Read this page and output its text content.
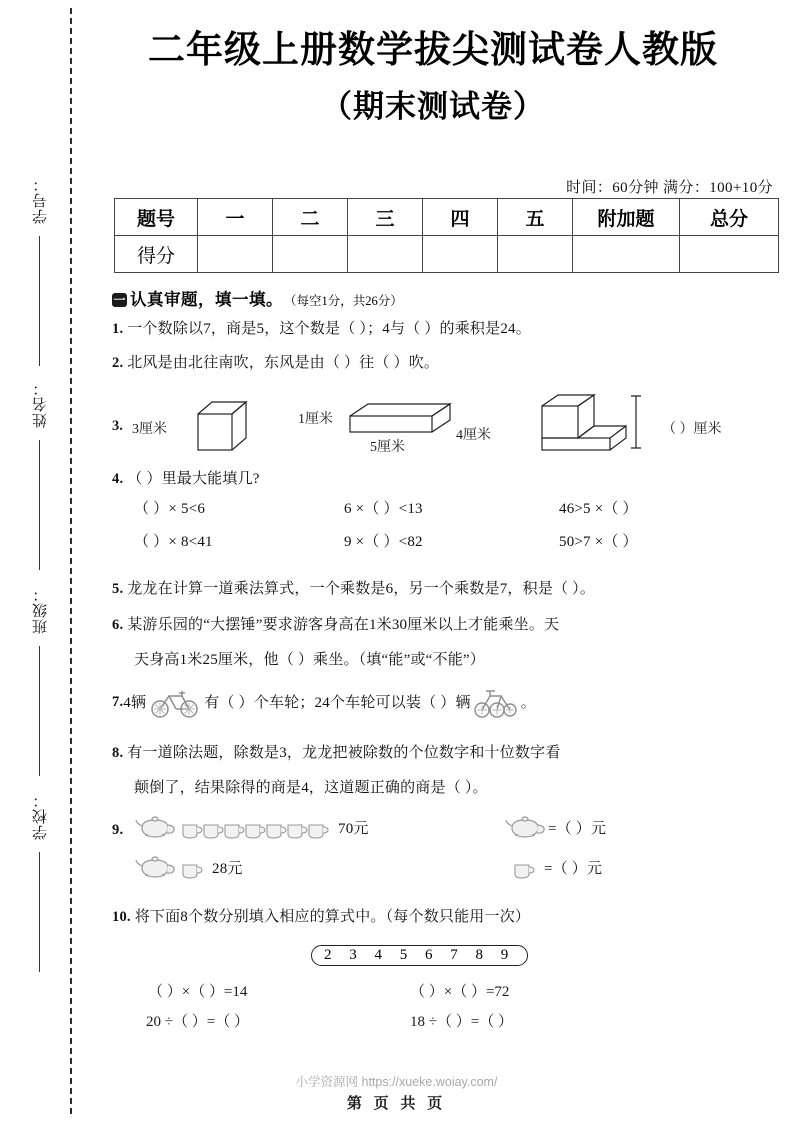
学号：
姓名：
班级：
学校：
二年级上册数学拔尖测试卷人教版
（期末测试卷）
时间：60分钟 满分：100+10分
题号	一	二	三	四	五	附加题	总分
得分							
一 认真审题，填一填。 （每空1分，共26分）
1. 一个数除以7，商是5，这个数是（ ）；4与（ ）的乘积是24。
2. 北风是由北往南吹，东风是由（ ）往（ ）吹。
3. 3厘米
1厘米
5厘米
4厘米	（ ）厘米
4. （ ）里最大能填几?
（ ）× 5<6	6 ×（ ）<13	46>5 ×（ ）
（ ）× 8<41	9 ×（ ）<82	50>7 ×（ ）
5. 龙龙在计算一道乘法算式，一个乘数是6，另一个乘数是7，积是（ ）。
6. 某游乐园的“大摆锤”要求游客身高在1米30厘米以上才能乘坐。天
天身高1米25厘米，他（ ）乘坐。（填“能”或“不能”）
7. 4辆	有（ ）个车轮；24个车轮可以装（ ）辆	。
8. 有一道除法题，除数是3，龙龙把被除数的个位数字和十位数字看
颠倒了，结果除得的商是4，这道题正确的商是（ ）。
9.	70元
28元
=（ ）元
=（ ）元
10. 将下面8个数分别填入相应的算式中。（每个数只能用一次）
2 3 4 5 6 7 8 9
（ ）×（ ）=14	（ ）×（ ）=72
20 ÷（ ）=（ ）	18 ÷（ ）=（ ）
小学资源网 https://xueke.woiay.com/
第 页 共 页
